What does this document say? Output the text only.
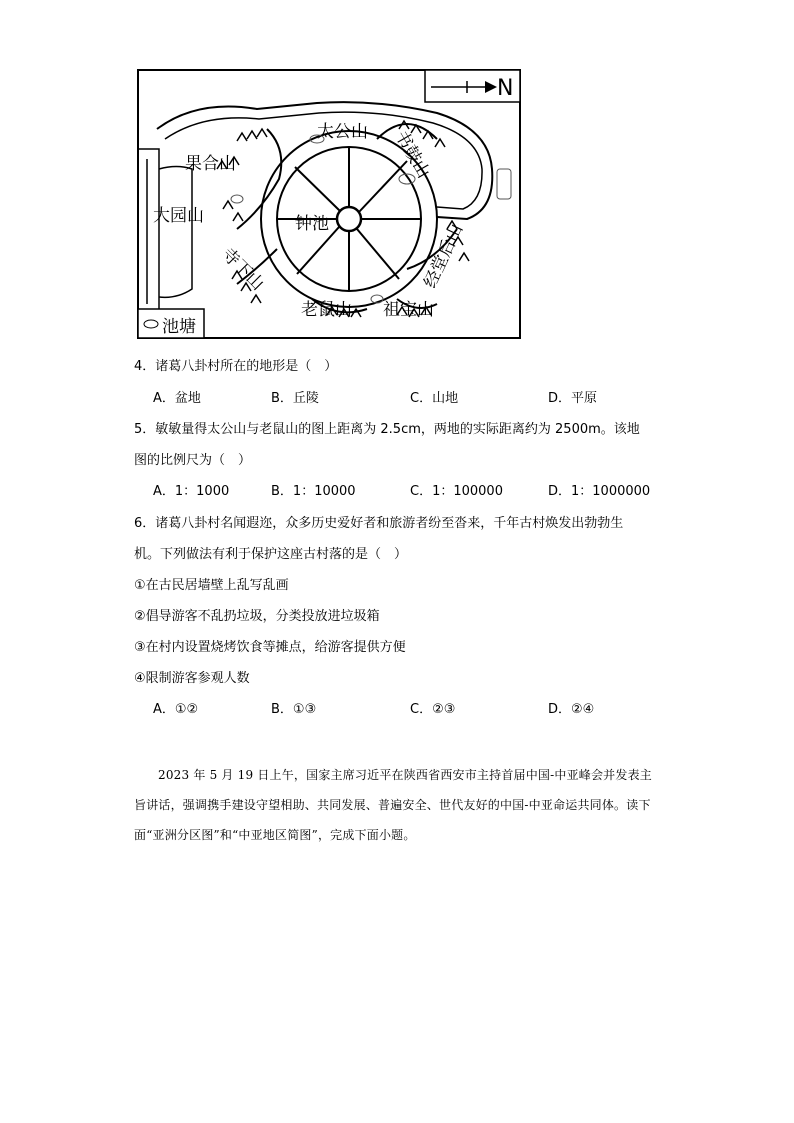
N
太公山
果合山
大园山	钟池
书鼓山
经堂后山
寺下山
老鼠山 祖宝山
池塘
4．诸葛八卦村所在的地形是（　）
A．盆地	B．丘陵	C．山地	D．平原
5．敏敏量得太公山与老鼠山的图上距离为 2.5cm，两地的实际距离约为 2500m。该地
图的比例尺为（　）
A．1：1000	B．1：10000	C．1：100000	D．1：1000000
6．诸葛八卦村名闻遐迩，众多历史爱好者和旅游者纷至沓来，千年古村焕发出勃勃生
机。下列做法有利于保护这座古村落的是（　）
①在古民居墙壁上乱写乱画
②倡导游客不乱扔垃圾，分类投放进垃圾箱
③在村内设置烧烤饮食等摊点，给游客提供方便
④限制游客参观人数
A．①②	B．①③	C．②③	D．②④
2023 年 5 月 19 日上午，国家主席习近平在陕西省西安市主持首届中国-中亚峰会并发表主旨讲话，强调携手建设守望相助、共同发展、普遍安全、世代友好的中国-中亚命运共同体。读下面“亚洲分区图”和“中亚地区简图”，完成下面小题。
